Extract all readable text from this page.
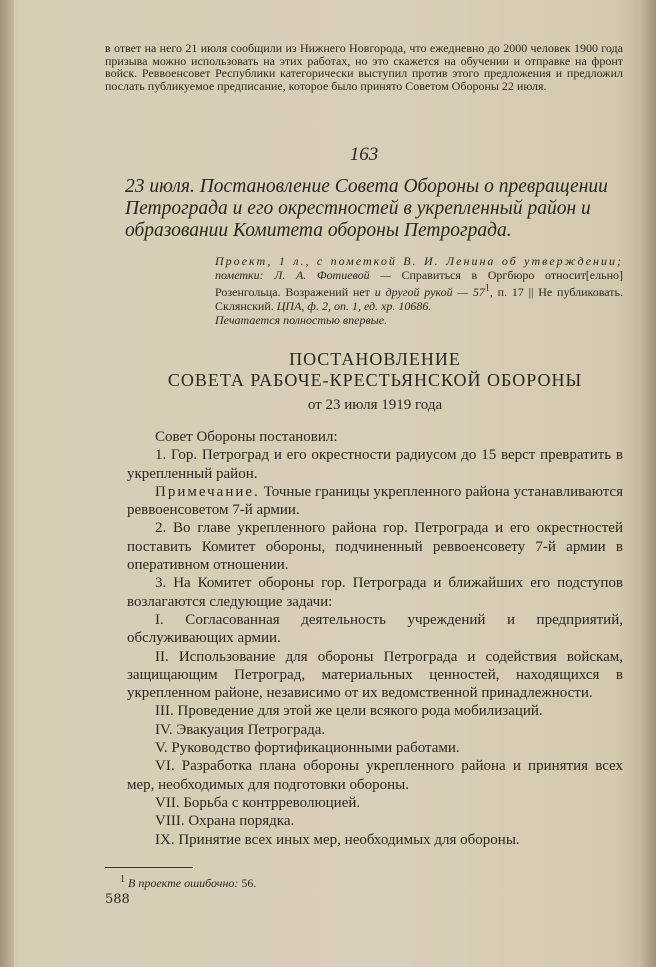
в ответ на него 21 июля сообщили из Нижнего Новгорода, что ежедневно до 2000 человек 1900 года призыва можно использовать на этих работах, но это скажется на обучении и отправке на фронт войск. Реввоенсовет Республики категорически выступил против этого предложения и предложил послать публикуемое предписание, которое было принято Советом Обороны 22 июля.

163
23 июля. Постановление Совета Обороны о превращении Петрограда и его окрестностей в укрепленный район и образовании Комитета обороны Петрограда.
Проект, 1 л., с пометкой В. И. Ленина об утверждении; пометки: Л. А. Фотиевой — Справиться в Оргбюро относит[ельно] Розенгольца. Возражений нет и другой рукой — $57^1$, п. 17 || Не публиковать. Склянский. ЦПА, ф. 2, оп. 1, ед. хр. 10686.
Печатается полностью впервые.
ПОСТАНОВЛЕНИЕ
СОВЕТА РАБОЧЕ-КРЕСТЬЯНСКОЙ ОБОРОНЫ
от 23 июля 1919 года

Совет Обороны постановил:

1. Гор. Петроград и его окрестности радиусом до 15 верст превратить в укрепленный район.

Примечание. Точные границы укрепленного района устанавливаются реввоенсоветом 7-й армии.

2. Во главе укрепленного района гор. Петрограда и его окрестностей поставить Комитет обороны, подчиненный реввоенсовету 7-й армии в оперативном отношении.

3. На Комитет обороны гор. Петрограда и ближайших его подступов возлагаются следующие задачи:

I. Согласованная деятельность учреждений и предприятий, обслуживающих армии.

II. Использование для обороны Петрограда и содействия войскам, защищающим Петроград, материальных ценностей, находящихся в укрепленном районе, независимо от их ведомственной принадлежности.

III. Проведение для этой же цели всякого рода мобилизаций.

IV. Эвакуация Петрограда.

V. Руководство фортификационными работами.

VI. Разработка плана обороны укрепленного района и принятия всех мер, необходимых для подготовки обороны.

VII. Борьба с контрреволюцией.

VIII. Охрана порядка.

IX. Принятие всех иных мер, необходимых для обороны.

$^1$ В проекте ошибочно: 56.
588
